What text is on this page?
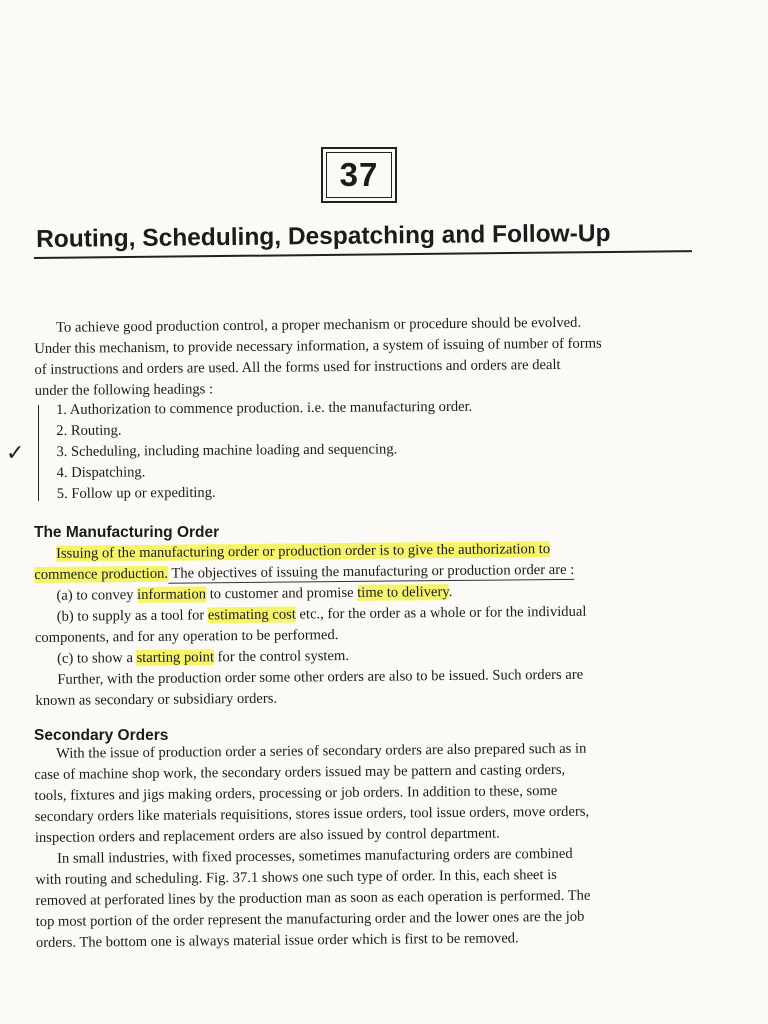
37
Routing, Scheduling, Despatching and Follow-Up
To achieve good production control, a proper mechanism or procedure should be evolved.
Under this mechanism, to provide necessary information, a system of issuing of number of forms
of instructions and orders are used. All the forms used for instructions and orders are dealt
under the following headings :
✓
1. Authorization to commence production. i.e. the manufacturing order.
2. Routing.
3. Scheduling, including machine loading and sequencing.
4. Dispatching.
5. Follow up or expediting.
The Manufacturing Order
Issuing of the manufacturing order or production order is to give the authorization to
commence production. The objectives of issuing the manufacturing or production order are :
(a) to convey information to customer and promise time to delivery.
(b) to supply as a tool for estimating cost etc., for the order as a whole or for the individual
components, and for any operation to be performed.
(c) to show a starting point for the control system.
Further, with the production order some other orders are also to be issued. Such orders are
known as secondary or subsidiary orders.
Secondary Orders
With the issue of production order a series of secondary orders are also prepared such as in
case of machine shop work, the secondary orders issued may be pattern and casting orders,
tools, fixtures and jigs making orders, processing or job orders. In addition to these, some
secondary orders like materials requisitions, stores issue orders, tool issue orders, move orders,
inspection orders and replacement orders are also issued by control department.
In small industries, with fixed processes, sometimes manufacturing orders are combined
with routing and scheduling. Fig. 37.1 shows one such type of order. In this, each sheet is
removed at perforated lines by the production man as soon as each operation is performed. The
top most portion of the order represent the manufacturing order and the lower ones are the job
orders. The bottom one is always material issue order which is first to be removed.
